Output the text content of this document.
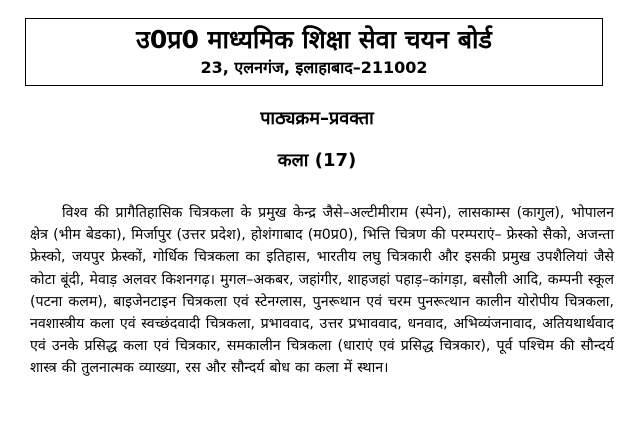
उ0प्र0 माध्यमिक शिक्षा सेवा चयन बोर्ड
23, एलनगंज, इलाहाबाद–211002
पाठ्यक्रम–प्रवक्ता
कला (17)

विश्व की प्रागैतिहासिक चित्रकला के प्रमुख केन्द्र जैसे–अल्टीमीराम (स्पेन), लासकाम्स (कागुल), भोपालन क्षेत्र (भीम बेडका), मिर्जापुर (उत्तर प्रदेश), होशंगाबाद (म0प्र0), भित्ति चित्रण की परम्पराएं– फ्रेस्को सैको, अजन्ता फ्रेस्को, जयपुर फ्रेस्कों, गोर्धिक चित्रकला का इतिहास, भारतीय लघु चित्रकारी और इसकी प्रमुख उपशैलियां जैसे कोटा बूंदी, मेवाड़ अलवर किशनगढ़। मुगल–अकबर, जहांगीर, शाहजहां पहाड़–कांगड़ा, बसौली आदि, कम्पनी स्कूल (पटना कलम), बाइजेनटाइन चित्रकला एवं स्टेनग्लास, पुनरूथान एवं चरम पुनरूत्थान कालीन योरोपीय चित्रकला, नवशास्त्रीय कला एवं स्वच्छंदवादी चित्रकला, प्रभाववाद, उत्तर प्रभाववाद, धनवाद, अभिव्यंजनावाद, अतियथार्थवाद एवं उनके प्रसिद्ध कला एवं चित्रकार, समकालीन चित्रकला (धाराएं एवं प्रसिद्ध चित्रकार), पूर्व पश्चिम की सौन्दर्य शास्त्र की तुलनात्मक व्याख्या, रस और सौन्दर्य बोध का कला में स्थान।
